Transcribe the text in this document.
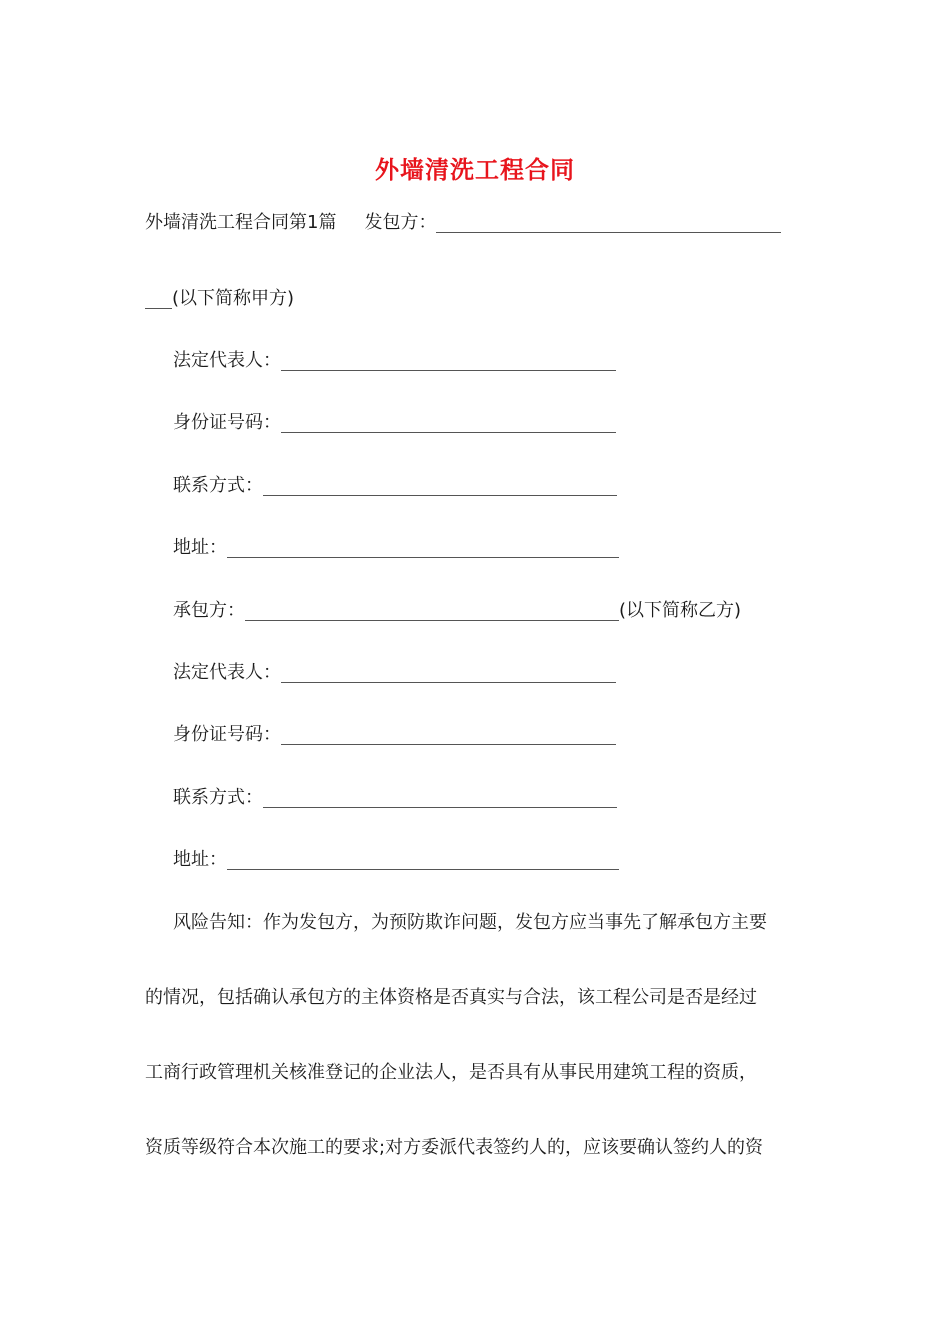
外墙清洗工程合同
外墙清洗工程合同第1篇 发包方：
(以下简称甲方)
法定代表人：
身份证号码：
联系方式：
地址：
承包方：	(以下简称乙方)
法定代表人：
身份证号码：
联系方式：
地址：
风险告知：作为发包方，为预防欺诈问题，发包方应当事先了解承包方主要
的情况，包括确认承包方的主体资格是否真实与合法，该工程公司是否是经过
工商行政管理机关核准登记的企业法人，是否具有从事民用建筑工程的资质，
资质等级符合本次施工的要求;对方委派代表签约人的，应该要确认签约人的资
